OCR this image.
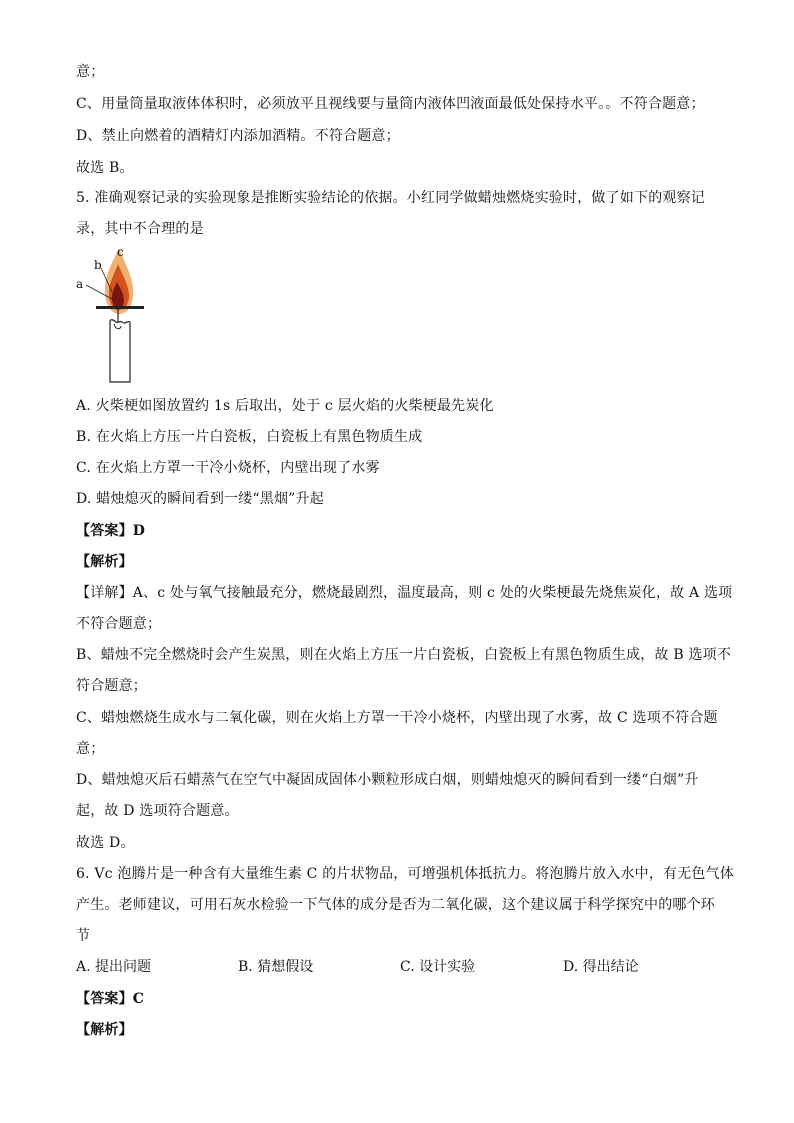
意；
C、用量筒量取液体体积时，必须放平且视线要与量筒内液体凹液面最低处保持水平。。不符合题意；
D、禁止向燃着的酒精灯内添加酒精。不符合题意；
故选 B。
5. 准确观察记录的实验现象是推断实验结论的依据。小红同学做蜡烛燃烧实验时，做了如下的观察记
录，其中不合理的是
a
b
c
A. 火柴梗如图放置约 1s 后取出，处于 c 层火焰的火柴梗最先炭化
B. 在火焰上方压一片白瓷板，白瓷板上有黑色物质生成
C. 在火焰上方罩一干冷小烧杯，内壁出现了水雾
D. 蜡烛熄灭的瞬间看到一缕“黑烟”升起
【答案】D
【解析】
【详解】A、c 处与氧气接触最充分，燃烧最剧烈，温度最高，则 c 处的火柴梗最先烧焦炭化，故 A 选项
不符合题意；
B、蜡烛不完全燃烧时会产生炭黑，则在火焰上方压一片白瓷板，白瓷板上有黑色物质生成，故 B 选项不
符合题意；
C、蜡烛燃烧生成水与二氧化碳，则在火焰上方罩一干冷小烧杯，内壁出现了水雾，故 C 选项不符合题
意；
D、蜡烛熄灭后石蜡蒸气在空气中凝固成固体小颗粒形成白烟，则蜡烛熄灭的瞬间看到一缕“白烟”升
起，故 D 选项符合题意。
故选 D。
6. Vc 泡腾片是一种含有大量维生素 C 的片状物品，可增强机体抵抗力。将泡腾片放入水中，有无色气体
产生。老师建议，可用石灰水检验一下气体的成分是否为二氧化碳，这个建议属于科学探究中的哪个环
节
A. 提出问题	B. 猜想假设	C. 设计实验	D. 得出结论
【答案】C
【解析】
